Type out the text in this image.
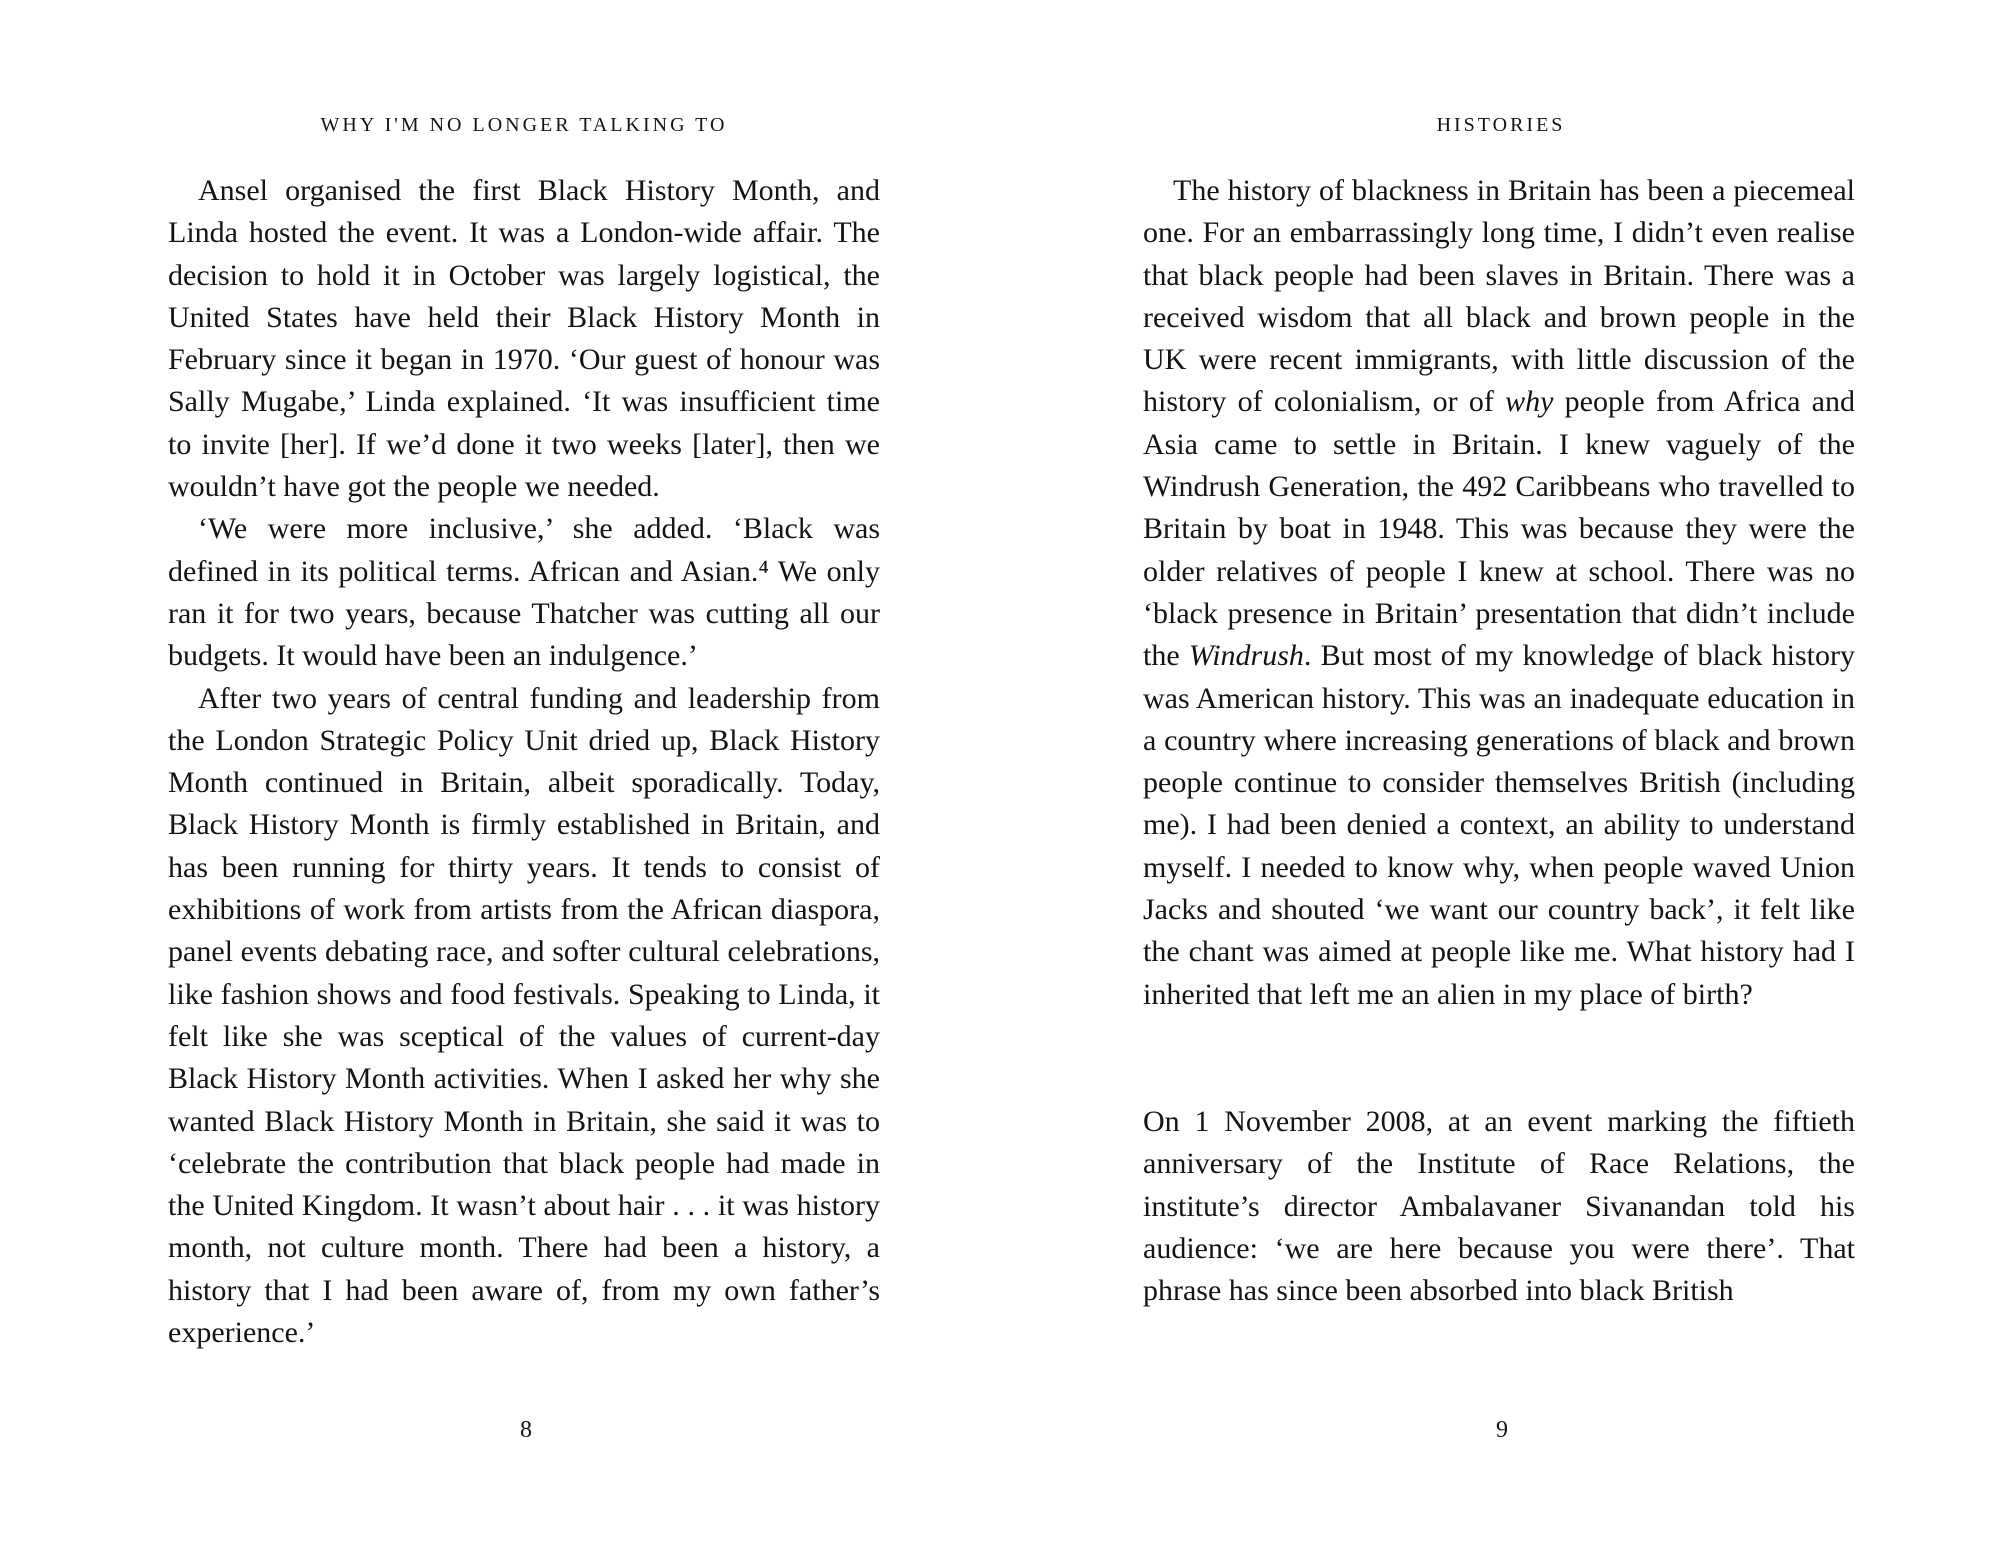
WHY I'M NO LONGER TALKING TO

Ansel organised the first Black History Month, and Linda hosted the event. It was a London-wide affair. The decision to hold it in October was largely logistical, the United States have held their Black History Month in February since it began in 1970. ‘Our guest of honour was Sally Mugabe,’ Linda explained. ‘It was insufficient time to invite [her]. If we’d done it two weeks [later], then we wouldn’t have got the people we needed.

‘We were more inclusive,’ she added. ‘Black was defined in its political terms. African and Asian.⁴ We only ran it for two years, because Thatcher was cutting all our budgets. It would have been an indulgence.’

After two years of central funding and leadership from the London Strategic Policy Unit dried up, Black History Month continued in Britain, albeit sporadically. Today, Black History Month is firmly established in Britain, and has been running for thirty years. It tends to consist of exhibitions of work from artists from the African diaspora, panel events debating race, and softer cultural celebrations, like fashion shows and food festivals. Speaking to Linda, it felt like she was sceptical of the values of current-day Black History Month activities. When I asked her why she wanted Black History Month in Britain, she said it was to ‘celebrate the contribution that black people had made in the United Kingdom. It wasn’t about hair . . . it was history month, not culture month. There had been a history, a history that I had been aware of, from my own father’s experience.’

8
HISTORIES

The history of blackness in Britain has been a piecemeal one. For an embarrassingly long time, I didn’t even realise that black people had been slaves in Britain. There was a received wisdom that all black and brown people in the UK were recent immigrants, with little discussion of the history of colonialism, or of why people from Africa and Asia came to settle in Britain. I knew vaguely of the Windrush Generation, the 492 Caribbeans who travelled to Britain by boat in 1948. This was because they were the older relatives of people I knew at school. There was no ‘black presence in Britain’ presentation that didn’t include the Windrush. But most of my knowledge of black history was American history. This was an inadequate education in a country where increasing generations of black and brown people continue to consider themselves British (including me). I had been denied a context, an ability to understand myself. I needed to know why, when people waved Union Jacks and shouted ‘we want our country back’, it felt like the chant was aimed at people like me. What history had I inherited that left me an alien in my place of birth?

On 1 November 2008, at an event marking the fiftieth anniversary of the Institute of Race Relations, the institute’s director Ambalavaner Sivanandan told his audience: ‘we are here because you were there’. That phrase has since been absorbed into black British

9
